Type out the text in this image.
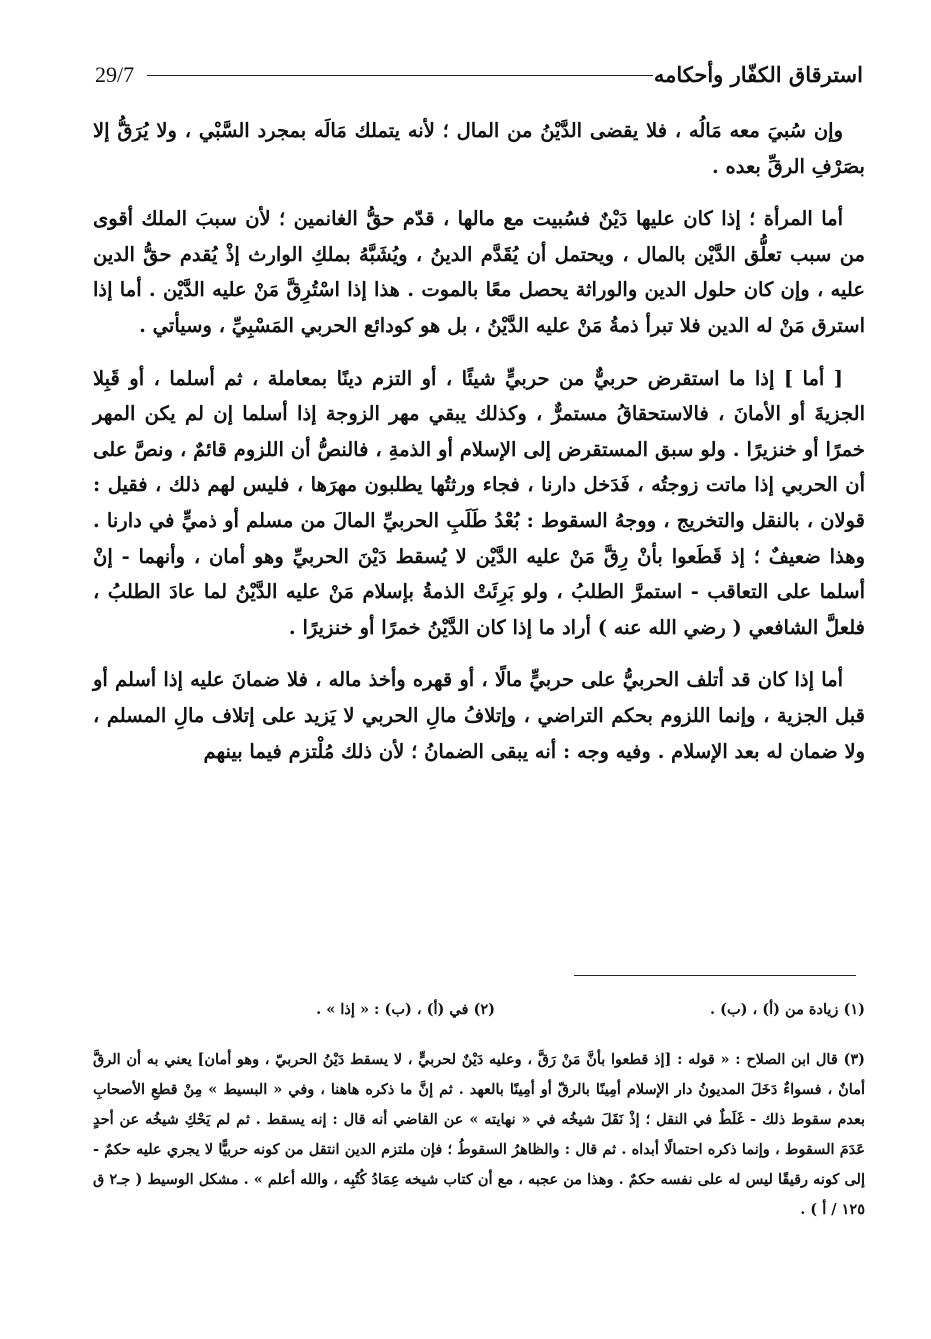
استرقاق الكفّار وأحكامه
29/7

وإن سُبيَ معه مَالُه ، فلا يقضى الدَّيْنُ من المال ؛ لأنه يتملك مَالَه بمجرد السَّبْي ، ولا يُرَقُّ إلا بصَرْفِ الرقِّ بعده .

أما المرأة ؛ إذا كان عليها دَيْنٌ فسُبيت مع مالها ، قدّم حقُّ الغانمين ؛ لأن سببَ الملك أقوى من سبب تعلُّق الدَّيْن بالمال ، ويحتمل أن يُقَدَّم الدينُ ، ويُشَبَّهُ بملكِ الوارث إذْ يُقدم حقُّ الدين عليه ، وإن كان حلول الدين والوراثة يحصل معًا بالموت . هذا إذا اسْتُرِقَّ مَنْ عليه الدَّيْن . أما إذا استرق مَنْ له الدين فلا تبرأ ذمةُ مَنْ عليه الدَّيْنُ ، بل هو كودائع الحربي المَسْبِيِّ ، وسيأتي .

[ أما ] إذا ما استقرض حربيٌّ من حربيٍّ شيئًا ، أو التزم دينًا بمعاملة ، ثم أسلما ، أو قَبِلا الجزيةَ أو الأمانَ ، فالاستحقاقُ مستمرٌّ ، وكذلك يبقي مهر الزوجة إذا أسلما إن لم يكن المهر خمرًا أو خنزيرًا . ولو سبق المستقرض إلى الإسلام أو الذمةِ ، فالنصُّ أن اللزوم قائمٌ ، ونصَّ على أن الحربي إذا ماتت زوجتُه ، فَدَخل دارنا ، فجاء ورثتُها يطلبون مهرَها ، فليس لهم ذلك ، فقيل : قولان ، بالنقل والتخريج ، ووجهُ السقوط : بُعْدُ طَلَبِ الحربيِّ المالَ من مسلم أو ذميٍّ في دارنا . وهذا ضعيفٌ ؛ إذ قَطَعوا بأنْ رِقَّ مَنْ عليه الدَّيْن لا يُسقط دَيْنَ الحربيِّ وهو أمان ، وأنهما - إنْ أسلما على التعاقب - استمرَّ الطلبُ ، ولو بَرِئَتْ الذمةُ بإسلام مَنْ عليه الدَّيْنُ لما عادَ الطلبُ ، فلعلَّ الشافعي ( رضي الله عنه ) أراد ما إذا كان الدَّيْنُ خمرًا أو خنزيرًا .

أما إذا كان قد أتلف الحربيُّ على حربيٍّ مالًا ، أو قهره وأخذ ماله ، فلا ضمانَ عليه إذا أسلم أو قبل الجزية ، وإنما اللزوم بحكم التراضي ، وإتلافُ مالِ الحربي لا يَزيد على إتلاف مالِ المسلم ، ولا ضمان له بعد الإسلام . وفيه وجه : أنه يبقى الضمانُ ؛ لأن ذلك مُلْتزم فيما بينهم

(١) زيادة من (أ) ، (ب) .
(٢) في (أ) ، (ب) : « إذا » .
(٣) قال ابن الصلاح : « قوله : [إذ قطعوا بأنَّ مَنْ رَقَّ ، وعليه دَيْنٌ لحربيٍّ ، لا يسقط دَيْنُ الحربيّ ، وهو أمان] يعني به أن الرقَّ أمانٌ ، فسواءٌ دَخَلَ المديونُ دار الإسلام أمِينًا بالرقّ أو أمِينًا بالعهد . ثم إنَّ ما ذكره هاهنا ، وفي « البسيط » مِنْ قطعِ الأصحابِ بعدم سقوط ذلك - غَلَطٌ في النقل ؛ إذْ نَقَلَ شيخُه في « نهايته » عن القاضي أنه قال : إنه يسقط . ثم لم يَحْكِ شيخُه عن أحدٍ عَدَمَ السقوط ، وإنما ذكره احتمالًا أبداه . ثم قال : والظاهرُ السقوطُ ؛ فإن ملتزم الدين انتقل من كونه حربيًّا لا يجري عليه حكمٌ - إلى كونه رقيقًا ليس له على نفسه حكمٌ . وهذا من عجبه ، مع أن كتاب شيخه عِمَادُ كُتُبِه ، والله أعلم » . مشكل الوسيط ( جـ٢ ق ١٢٥ / أ ) .
